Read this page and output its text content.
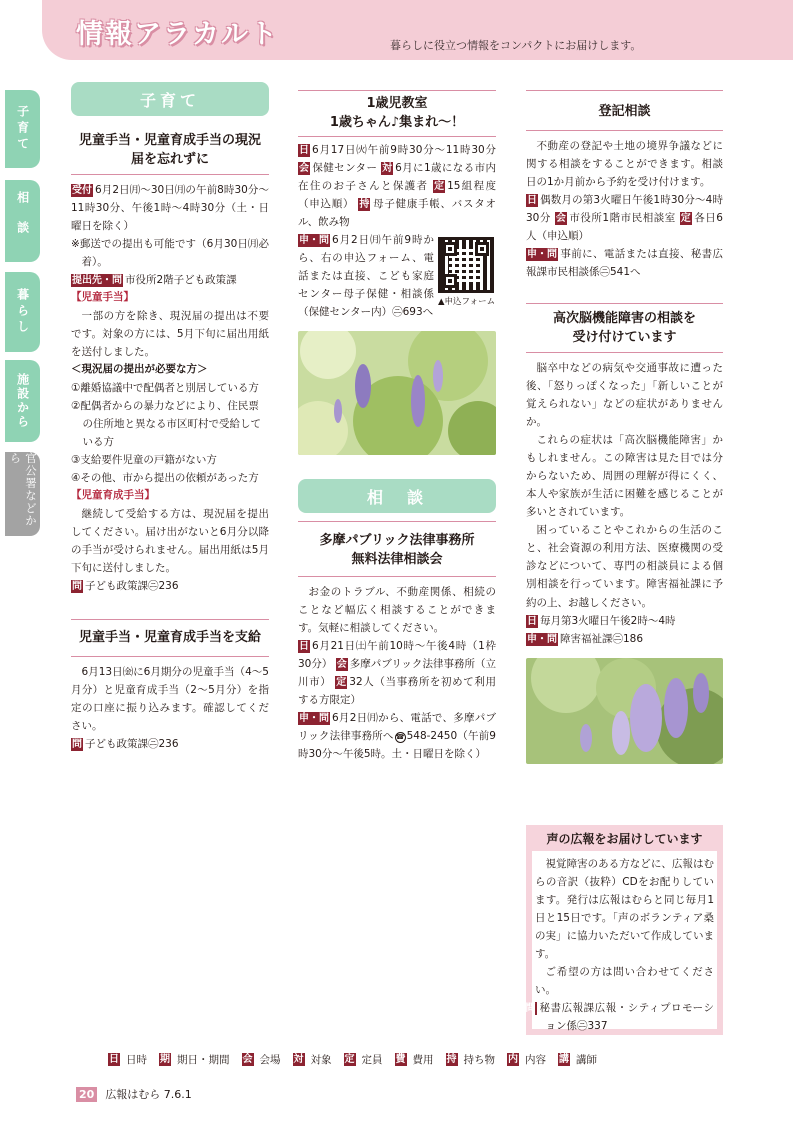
情報アラカルト	暮らしに役立つ情報をコンパクトにお届けします。
子育て
相談
暮らし
施設から
官公署などから
子育て
児童手当・児童育成手当の現況届を忘れずに
受付 6月2日㈪～30日㈪の午前8時30分～11時30分、午後1時～4時30分（土・日曜日を除く）
※郵送での提出も可能です（6月30日㈪必着）。
提出先・問 市役所2階子ども政策課
【児童手当】
一部の方を除き、現況届の提出は不要です。対象の方には、5月下旬に届出用紙を送付しました。
＜現況届の提出が必要な方＞
①離婚協議中で配偶者と別居している方
②配偶者からの暴力などにより、住民票の住所地と異なる市区町村で受給している方
③支給要件児童の戸籍がない方
④その他、市から提出の依頼があった方
【児童育成手当】
継続して受給する方は、現況届を提出してください。届け出がないと6月分以降の手当が受けられません。届出用紙は5月下旬に送付しました。
問 子ども政策課㋥236
児童手当・児童育成手当を支給
6月13日㈮に6月期分の児童手当（4～5月分）と児童育成手当（2～5月分）を指定の口座に振り込みます。確認してください。
問 子ども政策課㋥236
1歳児教室
1歳ちゃん♪集まれ～！
日 6月17日㈫午前9時30分～11時30分 会 保健センター 対 6月に1歳になる市内在住のお子さんと保護者 定 15組程度（申込順） 持 母子健康手帳、バスタオル、飲み物
申・問 6月2日㈪午前9時から、右の申込フォーム、電話または直接、こども家庭センター母子保健・相談係（保健センター内）㋥693へ
▲申込フォーム
相　談
多摩パブリック法律事務所
無料法律相談会
お金のトラブル、不動産関係、相続のことなど幅広く相談することができます。気軽に相談してください。
日 6月21日㈯午前10時～午後4時（1枠30分） 会 多摩パブリック法律事務所（立川市） 定 32人（当事務所を初めて利用する方限定）
申・問 6月2日㈪から、電話で、多摩パブリック法律事務所へ ☎ 548-2450（午前9時30分～午後5時。土・日曜日を除く）
登記相談
不動産の登記や土地の境界争議などに関する相談をすることができます。相談日の1か月前から予約を受け付けます。
日 偶数月の第3火曜日午後1時30分～4時30分 会 市役所1階市民相談室 定 各日6人（申込順）
申・問 事前に、電話または直接、秘書広報課市民相談係㋥541へ
高次脳機能障害の相談を
受け付けています
脳卒中などの病気や交通事故に遭った後、「怒りっぽくなった」「新しいことが覚えられない」などの症状がありませんか。
これらの症状は「高次脳機能障害」かもしれません。この障害は見た目では分からないため、周囲の理解が得にくく、本人や家族が生活に困難を感じることが多いとされています。
困っていることやこれからの生活のこと、社会資源の利用方法、医療機関の受診などについて、専門の相談員による個別相談を行っています。障害福祉課に予約の上、お越しください。
日 毎月第3火曜日午後2時～4時
申・問 障害福祉課㋥186
声の広報をお届けしています
視覚障害のある方などに、広報はむらの音訳（抜粋）CDをお配りしています。発行は広報はむらと同じ毎月1日と15日です。「声のボランティア桑の実」に協力いただいて作成しています。
ご希望の方は問い合わせてください。
問 秘書広報課広報・シティプロモーション係㋥337
日 日時 期 期日・期間 会 会場 対 対象 定 定員 費 費用 持 持ち物 内 内容 講 講師
20 広報はむら 7.6.1
